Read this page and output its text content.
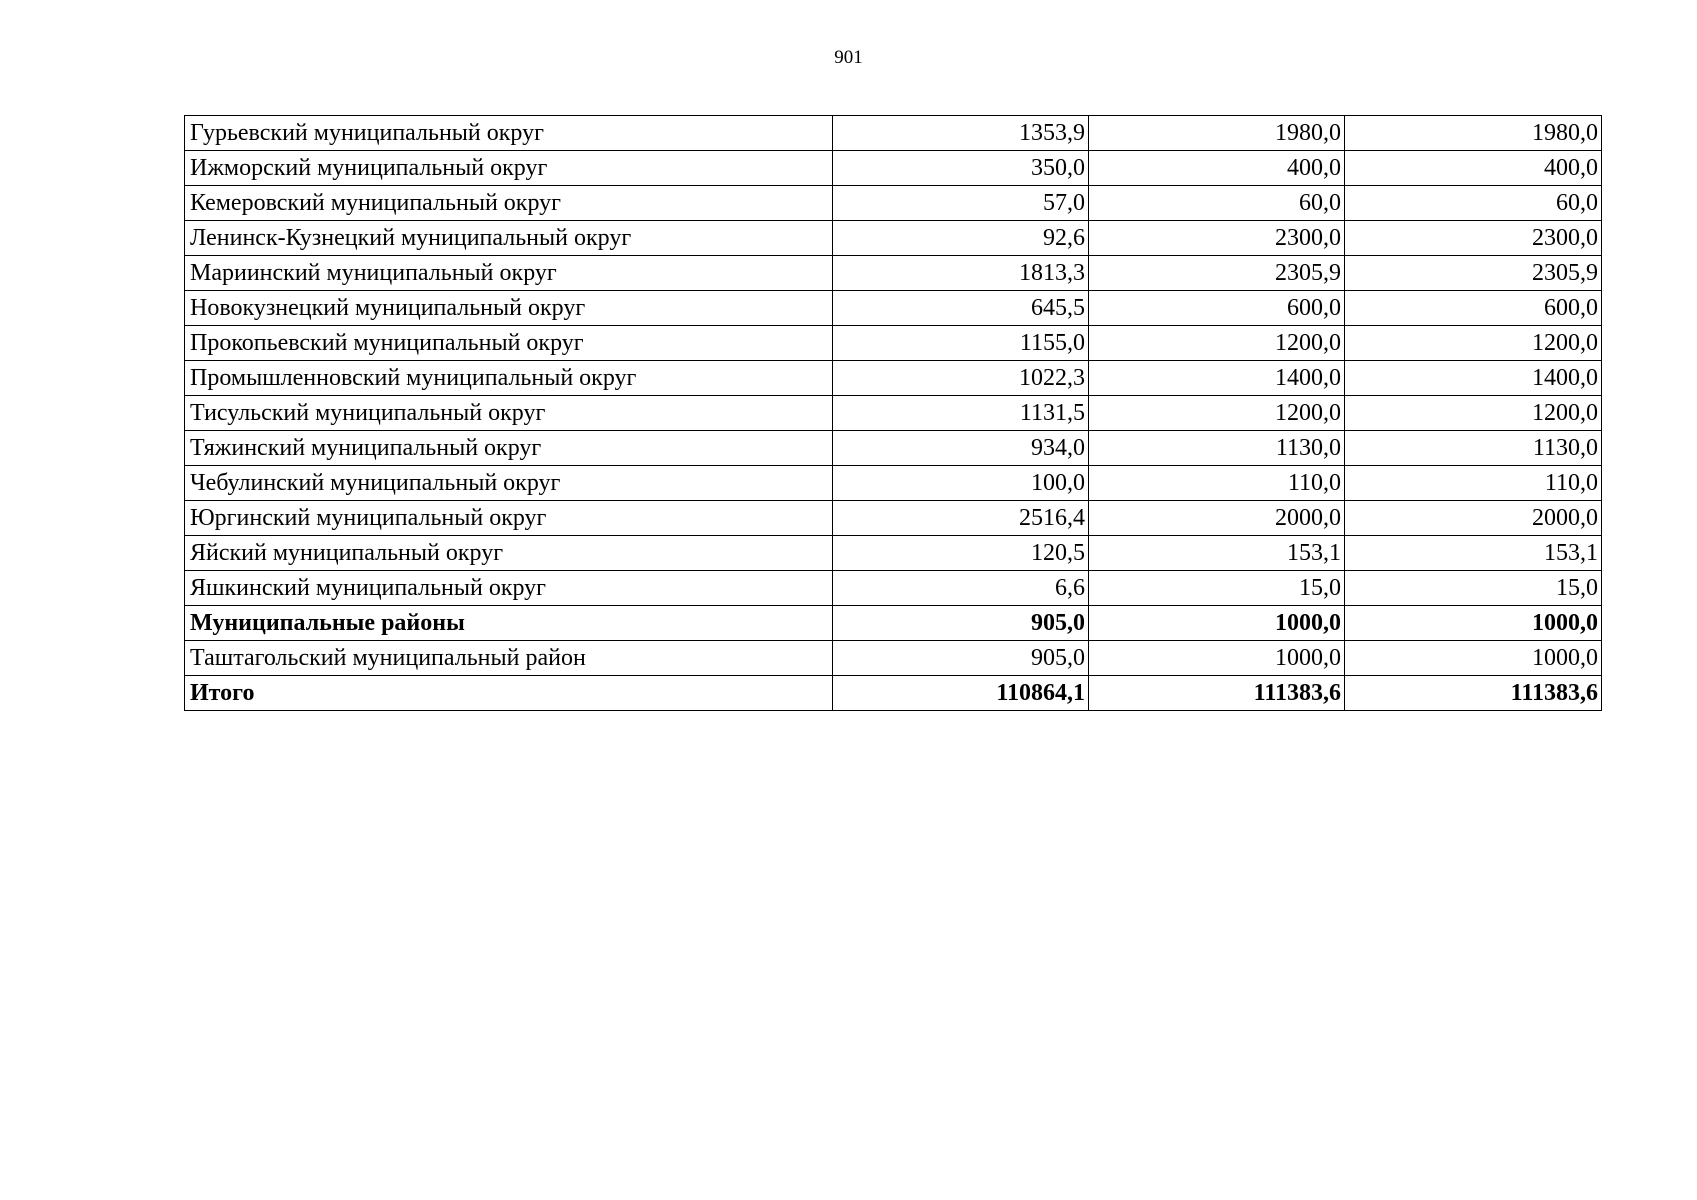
901
Гурьевский муниципальный округ	1353,9	1980,0	1980,0
Ижморский муниципальный округ	350,0	400,0	400,0
Кемеровский муниципальный округ	57,0	60,0	60,0
Ленинск-Кузнецкий муниципальный округ	92,6	2300,0	2300,0
Мариинский муниципальный округ	1813,3	2305,9	2305,9
Новокузнецкий муниципальный округ	645,5	600,0	600,0
Прокопьевский муниципальный округ	1155,0	1200,0	1200,0
Промышленновский муниципальный округ	1022,3	1400,0	1400,0
Тисульский муниципальный округ	1131,5	1200,0	1200,0
Тяжинский муниципальный округ	934,0	1130,0	1130,0
Чебулинский муниципальный округ	100,0	110,0	110,0
Юргинский муниципальный округ	2516,4	2000,0	2000,0
Яйский муниципальный округ	120,5	153,1	153,1
Яшкинский муниципальный округ	6,6	15,0	15,0
Муниципальные районы	905,0	1000,0	1000,0
Таштагольский муниципальный район	905,0	1000,0	1000,0
Итого	110864,1	111383,6	111383,6
